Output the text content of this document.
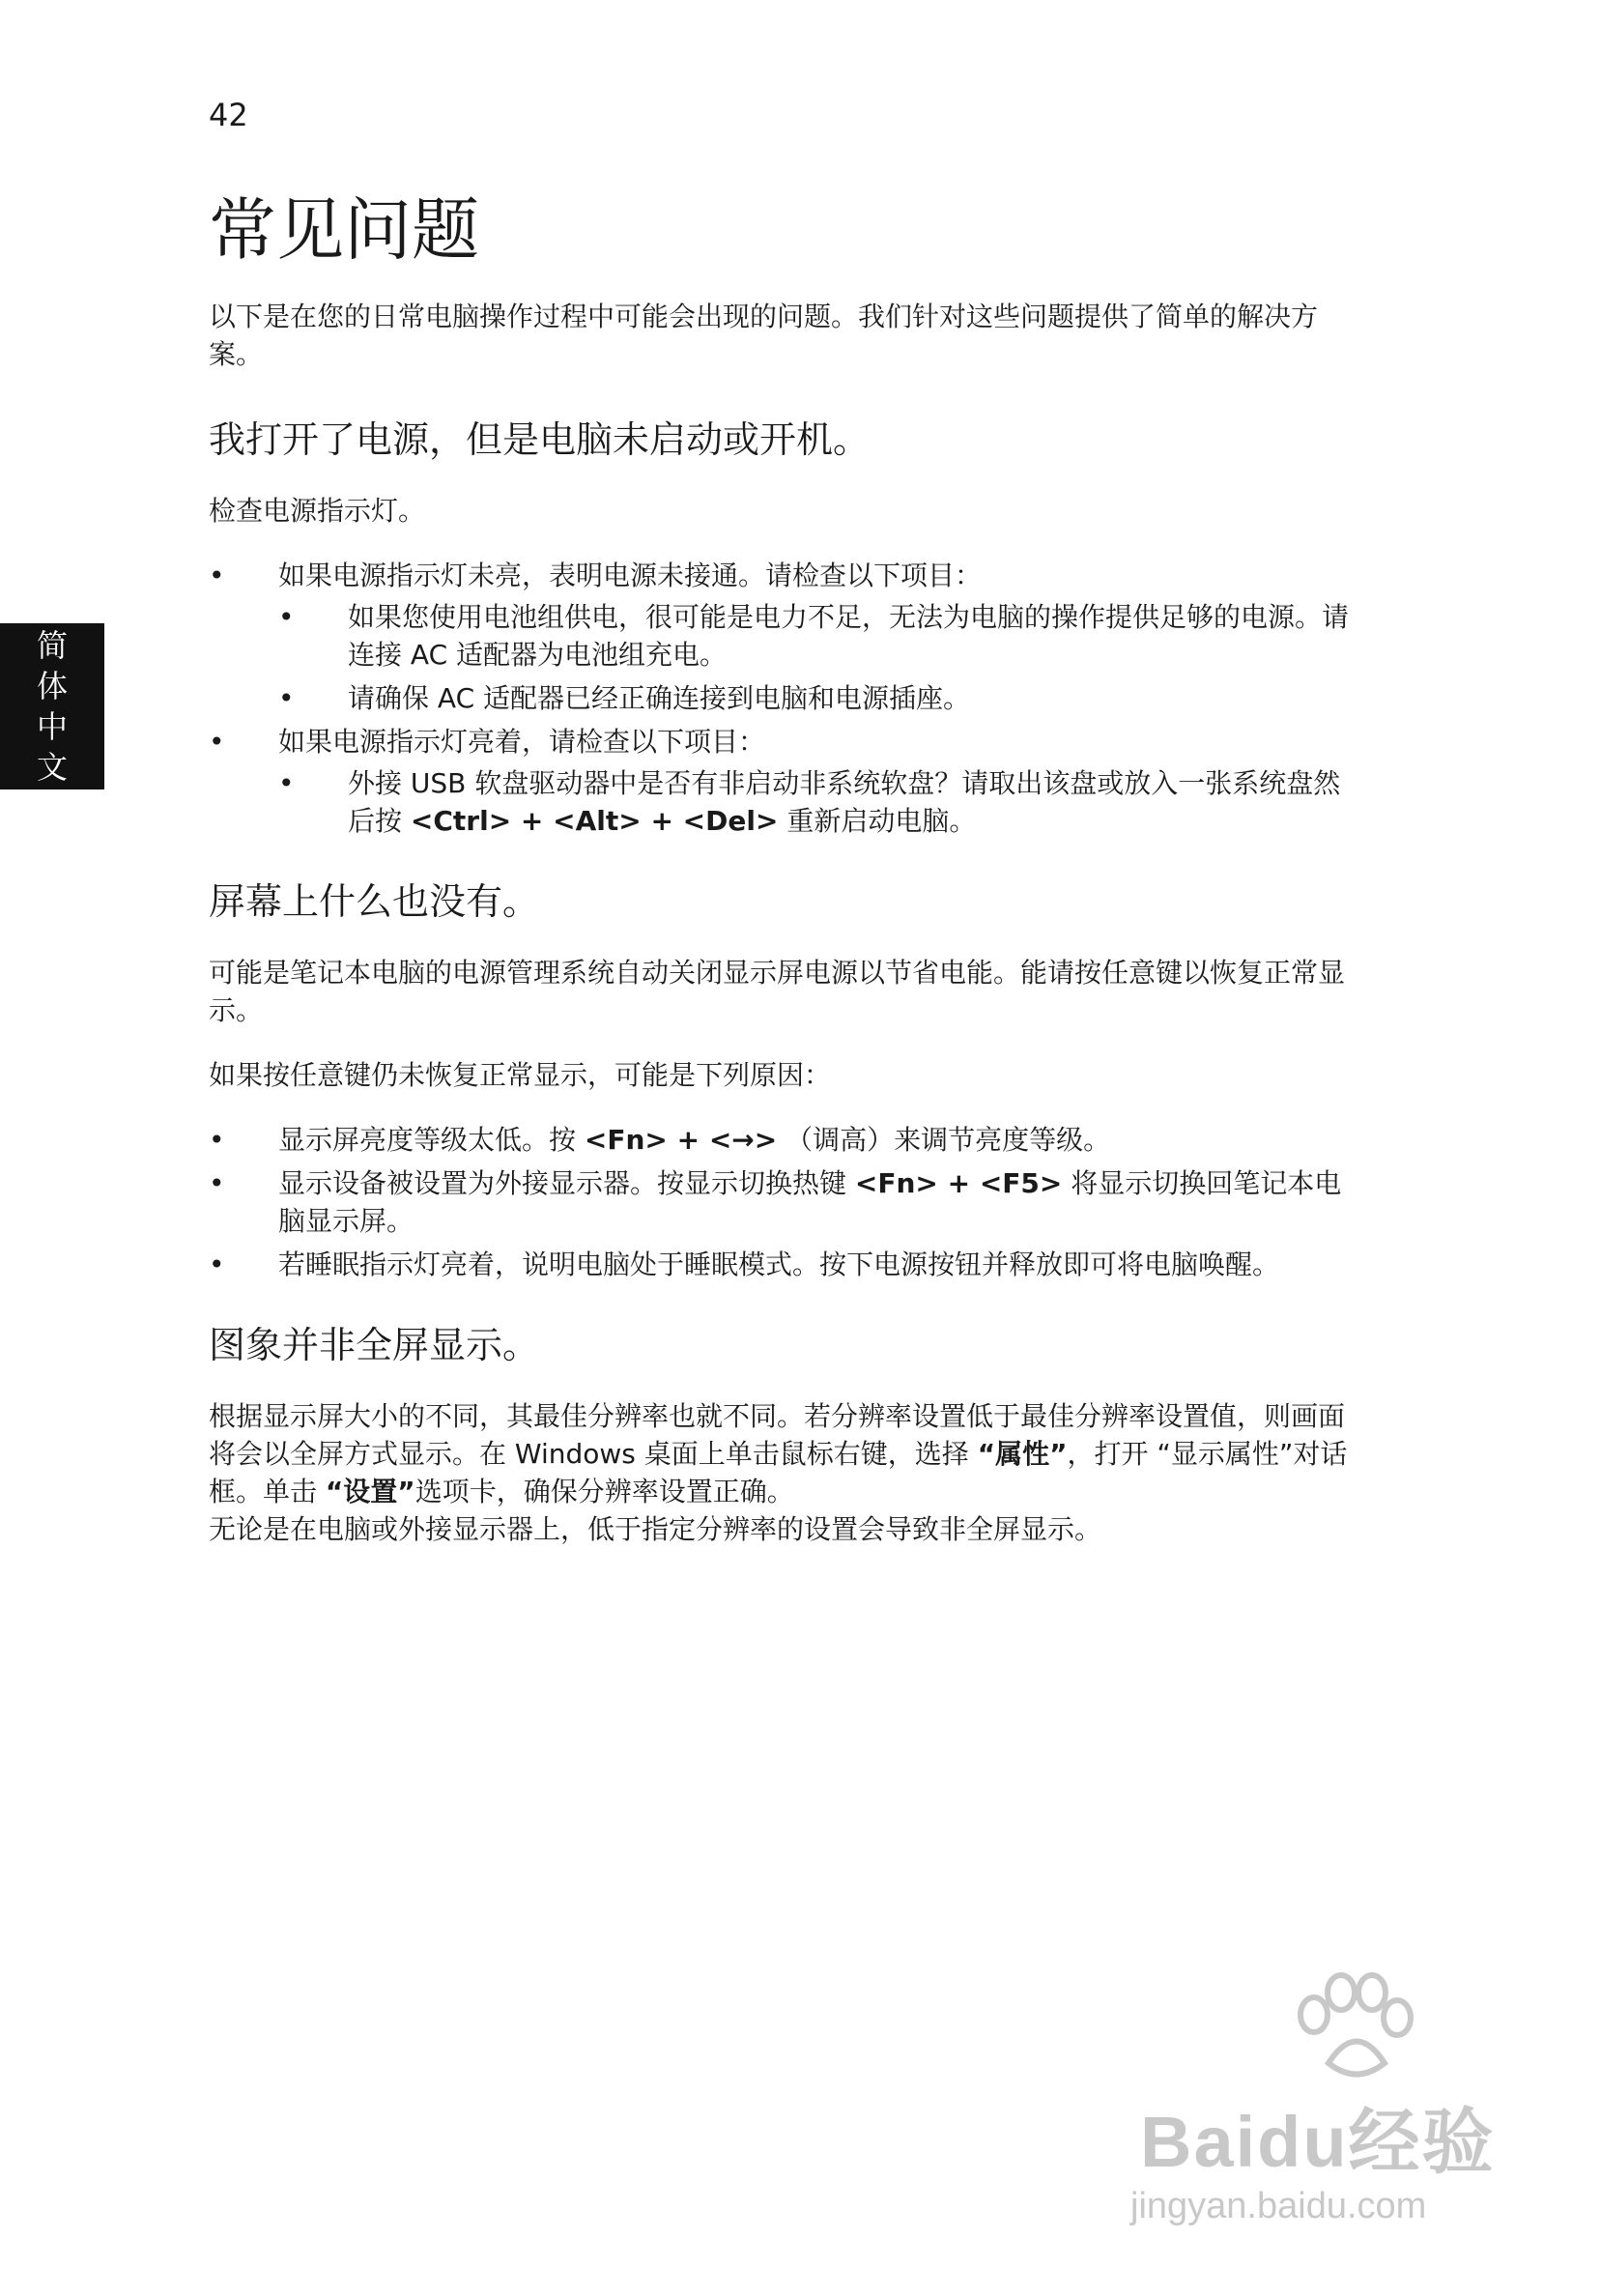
42
简
体
中
文
常见问题

以下是在您的日常电脑操作过程中可能会出现的问题。我们针对这些问题提供了简单的解决方案。

我打开了电源，但是电脑未启动或开机。

检查电源指示灯。

• 如果电源指示灯未亮，表明电源未接通。请检查以下项目：
• 如果您使用电池组供电，很可能是电力不足，无法为电脑的操作提供足够的电源。请连接 AC 适配器为电池组充电。
• 请确保 AC 适配器已经正确连接到电脑和电源插座。
• 如果电源指示灯亮着，请检查以下项目：
• 外接 USB 软盘驱动器中是否有非启动非系统软盘？请取出该盘或放入一张系统盘然后按 <Ctrl> + <Alt> + <Del> 重新启动电脑。
屏幕上什么也没有。

可能是笔记本电脑的电源管理系统自动关闭显示屏电源以节省电能。能请按任意键以恢复正常显示。

如果按任意键仍未恢复正常显示，可能是下列原因：

• 显示屏亮度等级太低。按 <Fn> + <→> （调高）来调节亮度等级。
• 显示设备被设置为外接显示器。按显示切换热键 <Fn> + <F5> 将显示切换回笔记本电脑显示屏。
• 若睡眠指示灯亮着，说明电脑处于睡眠模式。按下电源按钮并释放即可将电脑唤醒。
图象并非全屏显示。

根据显示屏大小的不同，其最佳分辨率也就不同。若分辨率设置低于最佳分辨率设置值，则画面将会以全屏方式显示。在 Windows 桌面上单击鼠标右键，选择 “属性”，打开 “显示属性”对话框。单击 “设置”选项卡，确保分辨率设置正确。

无论是在电脑或外接显示器上，低于指定分辨率的设置会导致非全屏显示。

Baidu经验
jingyan.baidu.com
